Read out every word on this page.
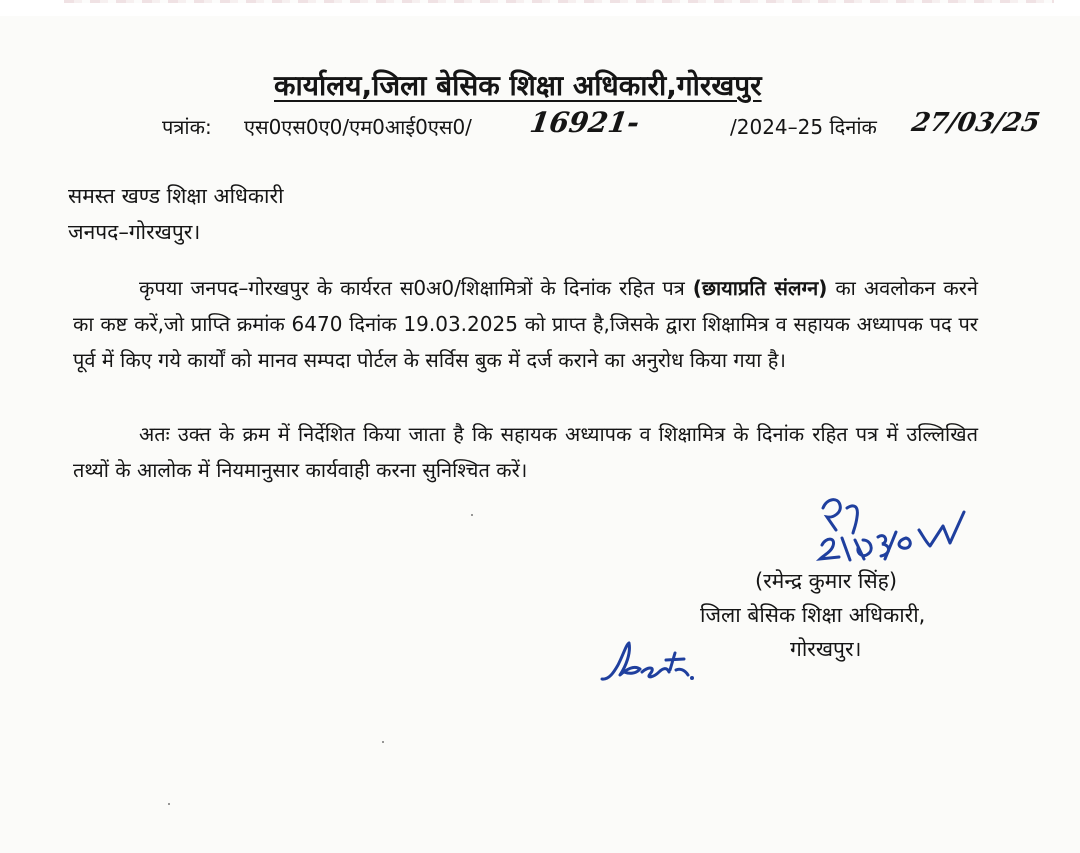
कार्यालय,जिला बेसिक शिक्षा अधिकारी,गोरखपुर
पत्रांक: एस0एस0ए0/एम0आई0एस0/ 16921-	/2024–25 दिनांक 27/03/25
समस्त खण्ड शिक्षा अधिकारी
जनपद–गोरखपुर।
कृपया जनपद–गोरखपुर के कार्यरत स0अ0/शिक्षामित्रों के दिनांक रहित पत्र (छायाप्रति संलग्न) का अवलोकन करने का कष्ट करें,जो प्राप्ति क्रमांक 6470 दिनांक 19.03.2025 को प्राप्त है,जिसके द्वारा शिक्षामित्र व सहायक अध्यापक पद पर पूर्व में किए गये कार्यों को मानव सम्पदा पोर्टल के सर्विस बुक में दर्ज कराने का अनुरोध किया गया है।
अतः उक्त के क्रम में निर्देशित किया जाता है कि सहायक अध्यापक व शिक्षामित्र के दिनांक रहित पत्र में उल्लिखित तथ्यों के आलोक में नियमानुसार कार्यवाही करना सुनिश्चित करें।
(रमेन्द्र कुमार सिंह)
जिला बेसिक शिक्षा अधिकारी,
गोरखपुर।
